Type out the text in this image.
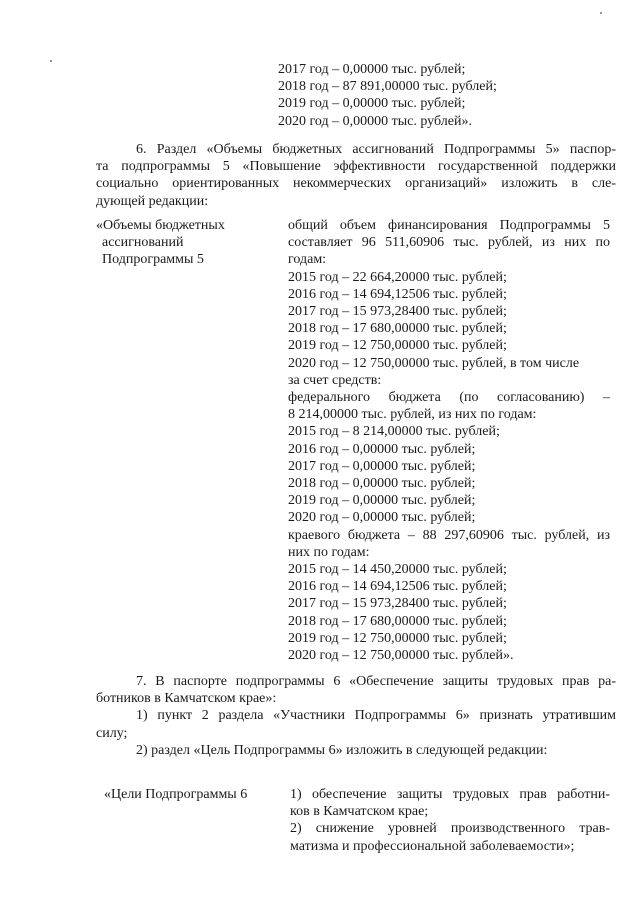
2017 год – 0,00000 тыс. рублей;
2018 год – 87 891,00000 тыс. рублей;
2019 год – 0,00000 тыс. рублей;
2020 год – 0,00000 тыс. рублей».
6. Раздел «Объемы бюджетных ассигнований Подпрограммы 5» паспор-
та подпрограммы 5 «Повышение эффективности государственной поддержки
социально ориентированных некоммерческих организаций» изложить в сле-
дующей редакции:
«Объемы бюджетных
ассигнований
Подпрограммы 5
общий объем финансирования Подпрограммы 5
составляет 96 511,60906 тыс. рублей, из них по
годам:
2015 год – 22 664,20000 тыс. рублей;
2016 год – 14 694,12506 тыс. рублей;
2017 год – 15 973,28400 тыс. рублей;
2018 год – 17 680,00000 тыс. рублей;
2019 год – 12 750,00000 тыс. рублей;
2020 год – 12 750,00000 тыс. рублей, в том числе
за счет средств:
федерального бюджета (по согласованию) –
8 214,00000 тыс. рублей, из них по годам:
2015 год – 8 214,00000 тыс. рублей;
2016 год – 0,00000 тыс. рублей;
2017 год – 0,00000 тыс. рублей;
2018 год – 0,00000 тыс. рублей;
2019 год – 0,00000 тыс. рублей;
2020 год – 0,00000 тыс. рублей;
краевого бюджета – 88 297,60906 тыс. рублей, из
них по годам:
2015 год – 14 450,20000 тыс. рублей;
2016 год – 14 694,12506 тыс. рублей;
2017 год – 15 973,28400 тыс. рублей;
2018 год – 17 680,00000 тыс. рублей;
2019 год – 12 750,00000 тыс. рублей;
2020 год – 12 750,00000 тыс. рублей».
7. В паспорте подпрограммы 6 «Обеспечение защиты трудовых прав ра-
ботников в Камчатском крае»:
1) пункт 2 раздела «Участники Подпрограммы 6» признать утратившим
силу;
2) раздел «Цель Подпрограммы 6» изложить в следующей редакции:
«Цели Подпрограммы 6	1) обеспечение защиты трудовых прав работни-
ков в Камчатском крае;
2) снижение уровней производственного трав-
матизма и профессиональной заболеваемости»;
